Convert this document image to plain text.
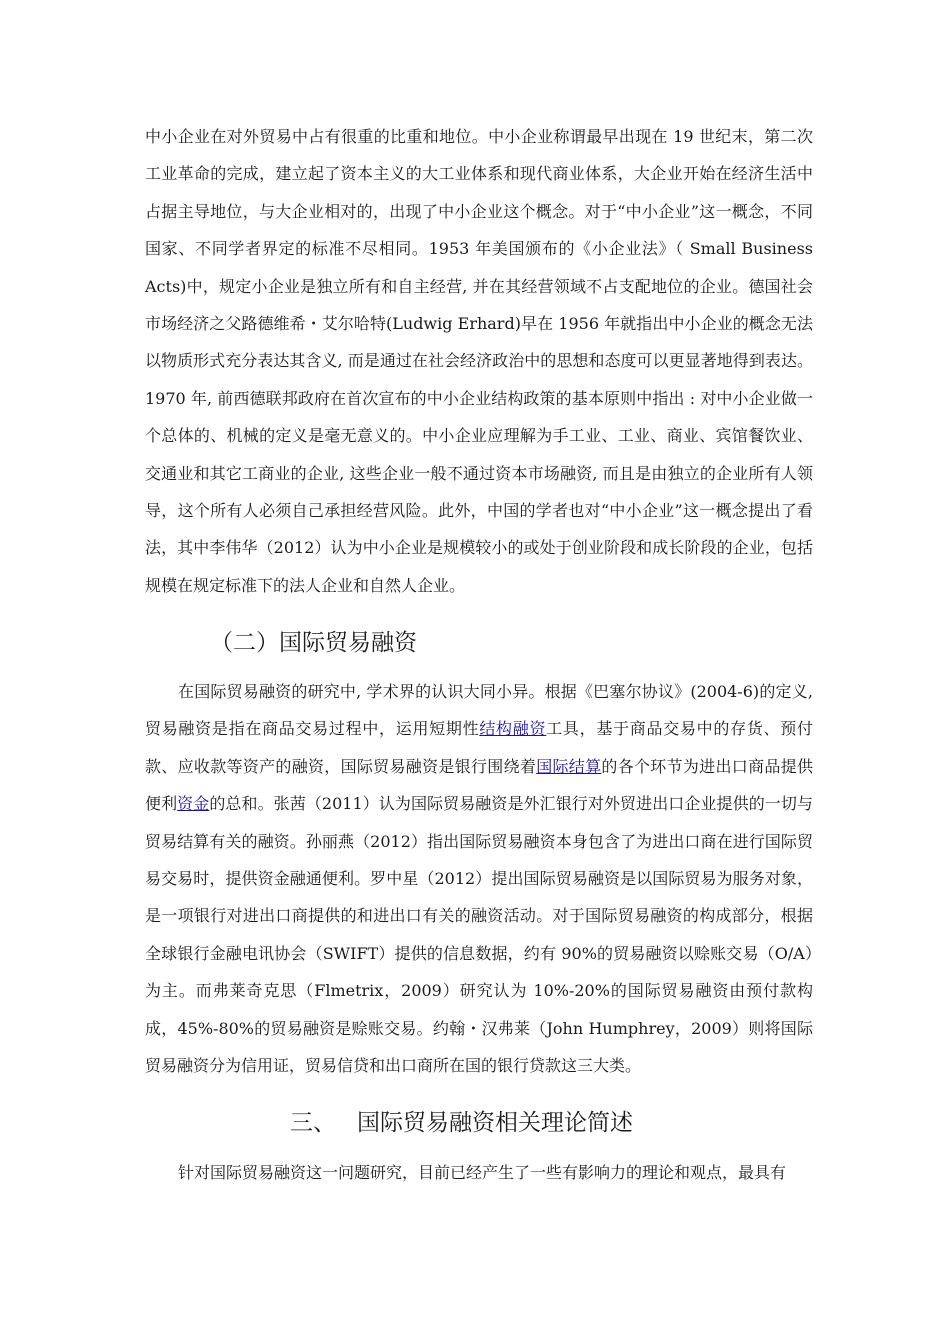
中小企业在对外贸易中占有很重的比重和地位。中小企业称谓最早出现在 19 世纪末，第二次工业革命的完成，建立起了资本主义的大工业体系和现代商业体系，大企业开始在经济生活中占据主导地位，与大企业相对的，出现了中小企业这个概念。对于“中小企业”这一概念，不同国家、不同学者界定的标准不尽相同。1953 年美国颁布的《小企业法》（ Small Business Acts)中，规定小企业是独立所有和自主经营, 并在其经营领域不占支配地位的企业。德国社会市场经济之父路德维希・艾尔哈特(Ludwig Erhard)早在 1956 年就指出中小企业的概念无法以物质形式充分表达其含义, 而是通过在社会经济政治中的思想和态度可以更显著地得到表达。1970 年, 前西德联邦政府在首次宣布的中小企业结构政策的基本原则中指出 : 对中小企业做一个总体的、机械的定义是毫无意义的。中小企业应理解为手工业、工业、商业、宾馆餐饮业、交通业和其它工商业的企业, 这些企业一般不通过资本市场融资, 而且是由独立的企业所有人领导，这个所有人必须自己承担经营风险。此外，中国的学者也对“中小企业”这一概念提出了看法，其中李伟华（2012）认为中小企业是规模较小的或处于创业阶段和成长阶段的企业，包括规模在规定标准下的法人企业和自然人企业。

（二）国际贸易融资

在国际贸易融资的研究中, 学术界的认识大同小异。根据《巴塞尔协议》(2004-6)的定义, 贸易融资是指在商品交易过程中，运用短期性结构融资工具，基于商品交易中的存货、预付款、应收款等资产的融资，国际贸易融资是银行围绕着国际结算的各个环节为进出口商品提供便利资金的总和。张茜（2011）认为国际贸易融资是外汇银行对外贸进出口企业提供的一切与贸易结算有关的融资。孙丽燕（2012）指出国际贸易融资本身包含了为进出口商在进行国际贸易交易时，提供资金融通便利。罗中星（2012）提出国际贸易融资是以国际贸易为服务对象，是一项银行对进出口商提供的和进出口有关的融资活动。对于国际贸易融资的构成部分，根据全球银行金融电讯协会（SWIFT）提供的信息数据，约有 90%的贸易融资以赊账交易（O/A）为主。而弗莱奇克思（Flmetrix，2009）研究认为 10%-20%的国际贸易融资由预付款构成，45%-80%的贸易融资是赊账交易。约翰・汉弗莱（John Humphrey，2009）则将国际贸易融资分为信用证，贸易信贷和出口商所在国的银行贷款这三大类。

三、 国际贸易融资相关理论简述

针对国际贸易融资这一问题研究，目前已经产生了一些有影响力的理论和观点，最具有
